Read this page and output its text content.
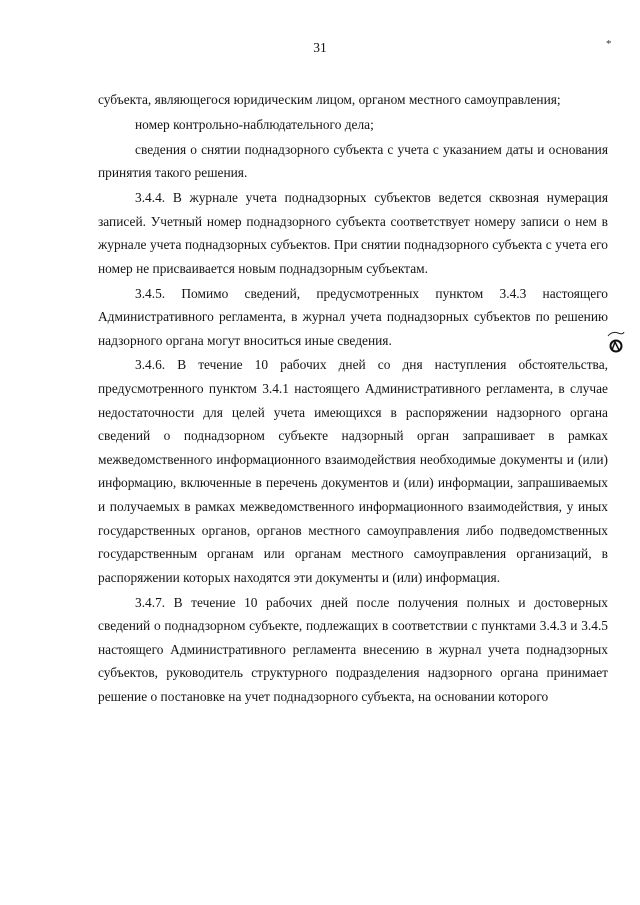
31	*

субъекта, являющегося юридическим лицом, органом местного самоуправления;

номер контрольно-наблюдательного дела;

сведения о снятии поднадзорного субъекта с учета с указанием даты и основания принятия такого решения.

3.4.4. В журнале учета поднадзорных субъектов ведется сквозная нумерация записей. Учетный номер поднадзорного субъекта соответствует номеру записи о нем в журнале учета поднадзорных субъектов. При снятии поднадзорного субъекта с учета его номер не присваивается новым поднадзорным субъектам.

3.4.5. Помимо сведений, предусмотренных пунктом 3.4.3 настоящего Административного регламента, в журнал учета поднадзорных субъектов по решению надзорного органа могут вноситься иные сведения.

3.4.6. В течение 10 рабочих дней со дня наступления обстоятельства, предусмотренного пунктом 3.4.1 настоящего Административного регламента, в случае недостаточности для целей учета имеющихся в распоряжении надзорного органа сведений о поднадзорном субъекте надзорный орган запрашивает в рамках межведомственного информационного взаимодействия необходимые документы и (или) информацию, включенные в перечень документов и (или) информации, запрашиваемых и получаемых в рамках межведомственного информационного взаимодействия, у иных государственных органов, органов местного самоуправления либо подведомственных государственным органам или органам местного самоуправления организаций, в распоряжении которых находятся эти документы и (или) информация.

3.4.7. В течение 10 рабочих дней после получения полных и достоверных сведений о поднадзорном субъекте, подлежащих в соответствии с пунктами 3.4.3 и 3.4.5 настоящего Административного регламента внесению в журнал учета поднадзорных субъектов, руководитель структурного подразделения надзорного органа принимает решение о постановке на учет поднадзорного субъекта, на основании которого
